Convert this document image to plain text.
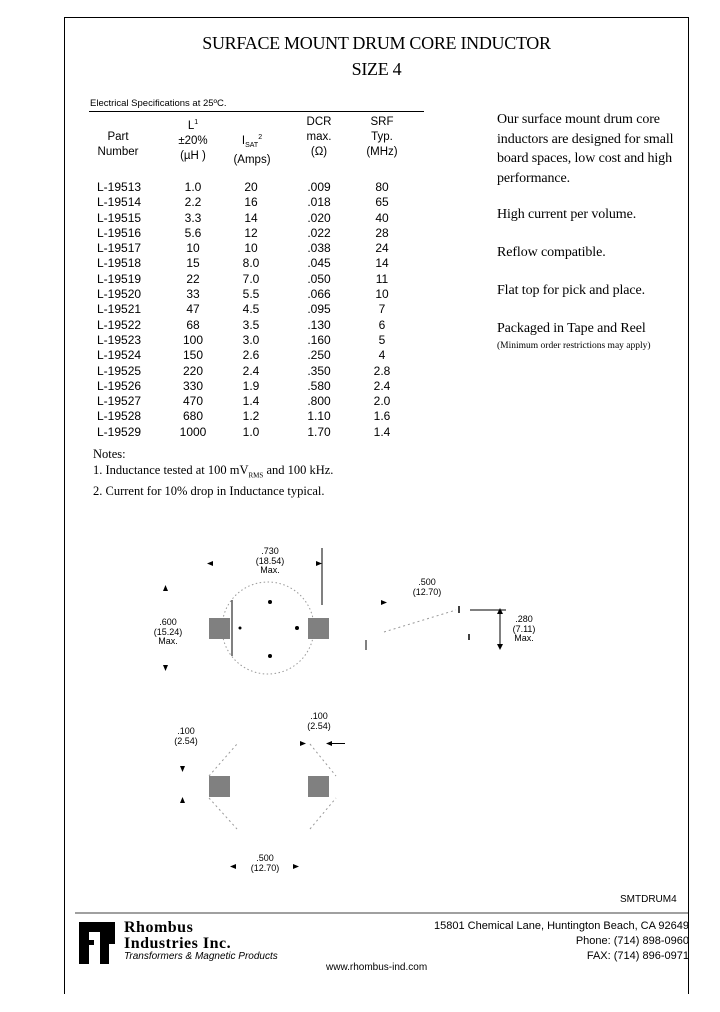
SURFACE MOUNT DRUM CORE INDUCTOR
SIZE 4
Electrical Specifications at 25ºC.
Part
Number
$L^1$
±20%
(µH )
$I_{SAT}^2$
(Amps)
DCR
max.
(Ω)
SRF
Typ.
(MHz)
L-19513
L-19514
L-19515
L-19516
L-19517
L-19518
L-19519
L-19520
L-19521
L-19522
L-19523
L-19524
L-19525
L-19526
L-19527
L-19528
L-19529
1.0
2.2
3.3
5.6
10
15
22
33
47
68
100
150
220
330
470
680
1000
20
16
14
12
10
8.0
7.0
5.5
4.5
3.5
3.0
2.6
2.4
1.9
1.4
1.2
1.0
.009
.018
.020
.022
.038
.045
.050
.066
.095
.130
.160
.250
.350
.580
.800
1.10
1.70
80
65
40
28
24
14
11
10
7
6
5
4
2.8
2.4
2.0
1.6
1.4
Notes:
1. Inductance tested at 100 $mV_{RMS}$ and 100 kHz.
2. Current for 10% drop in Inductance typical.
Our surface mount drum core inductors are designed for small board spaces, low cost and high performance.
High current per volume.
Reflow compatible.
Flat top for pick and place.
Packaged in Tape and Reel
(Minimum order restrictions may apply)
.730
(18.54)
Max.
.600
(15.24)
Max.
.500
(12.70)
.280
(7.11)
Max.
.100
(2.54)
.100
(2.54)
.500
(12.70)
SMTDRUM4
Rhombus
Industries Inc.
Transformers & Magnetic Products
15801 Chemical Lane, Huntington Beach, CA 92649
Phone: (714) 898-0960
FAX: (714) 896-0971
www.rhombus-ind.com
